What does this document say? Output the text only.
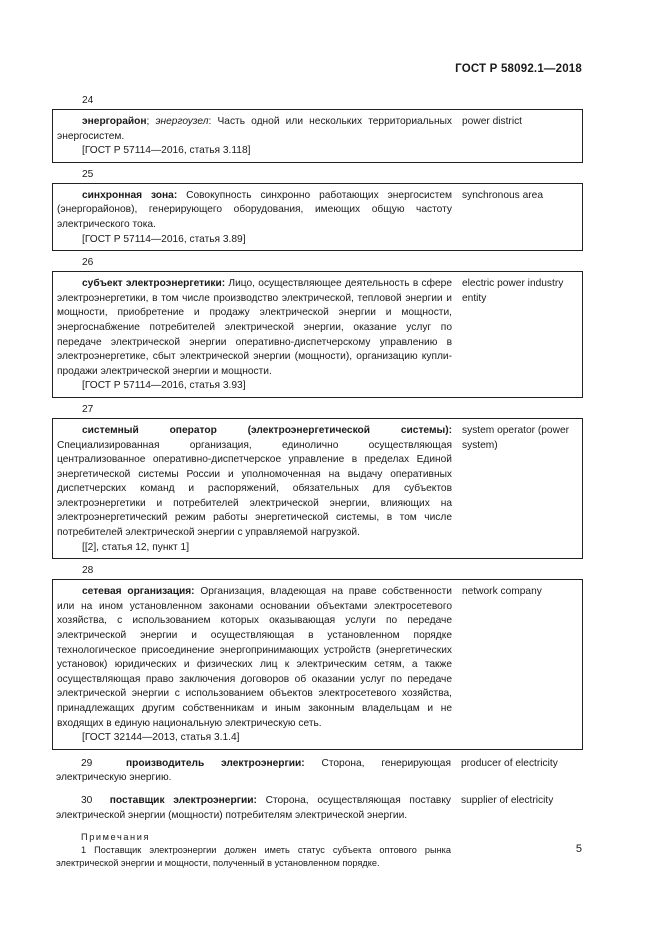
ГОСТ Р 58092.1—2018
24

энергорайон; энергоузел: Часть одной или нескольких территориальных энергосистем.

[ГОСТ Р 57114—2016, статья 3.118]
power district
25

синхронная зона: Совокупность синхронно работающих энергосистем (энергорайонов), генерирующего оборудования, имеющих общую частоту электрического тока.

[ГОСТ Р 57114—2016, статья 3.89]
synchronous area
26

субъект электроэнергетики: Лицо, осуществляющее деятельность в сфере электроэнергетики, в том числе производство электрической, тепловой энергии и мощности, приобретение и продажу электрической энергии и мощности, энергоснабжение потребителей электрической энергии, оказание услуг по передаче электрической энергии оперативно-диспетчерскому управлению в электроэнергетике, сбыт электрической энергии (мощности), организацию купли-продажи электрической энергии и мощности.

[ГОСТ Р 57114—2016, статья 3.93]
electric power industry entity
27

системный оператор (электроэнергетической системы): Специализированная организация, единолично осуществляющая централизованное оперативно-диспетчерское управление в пределах Единой энергетической системы России и уполномоченная на выдачу оперативных диспетчерских команд и распоряжений, обязательных для субъектов электроэнергетики и потребителей электрической энергии, влияющих на электроэнергетический режим работы энергетической системы, в том числе потребителей электрической энергии с управляемой нагрузкой.

[[2], статья 12, пункт 1]
system operator (power system)
28

сетевая организация: Организация, владеющая на праве собственности или на ином установленном законами основании объектами электросетевого хозяйства, с использованием которых оказывающая услуги по передаче электрической энергии и осуществляющая в установленном порядке технологическое присоединение энергопринимающих устройств (энергетических установок) юридических и физических лиц к электрическим сетям, а также осуществляющая право заключения договоров об оказании услуг по передаче электрической энергии с использованием объектов электросетевого хозяйства, принадлежащих другим собственникам и иным законным владельцам и не входящих в единую национальную электрическую сеть.

[ГОСТ 32144—2013, статья 3.1.4]
network company

29	производитель электроэнергии: Сторона, генерирующая электрическую энергию.

producer of electricity

30 поставщик электроэнергии: Сторона, осуществляющая поставку электрической энергии (мощности) потребителям электрической энергии.

supplier of electricity
Примечания

1 Поставщик электроэнергии должен иметь статус субъекта оптового рынка электрической энергии и мощности, полученный в установленном порядке.

5
